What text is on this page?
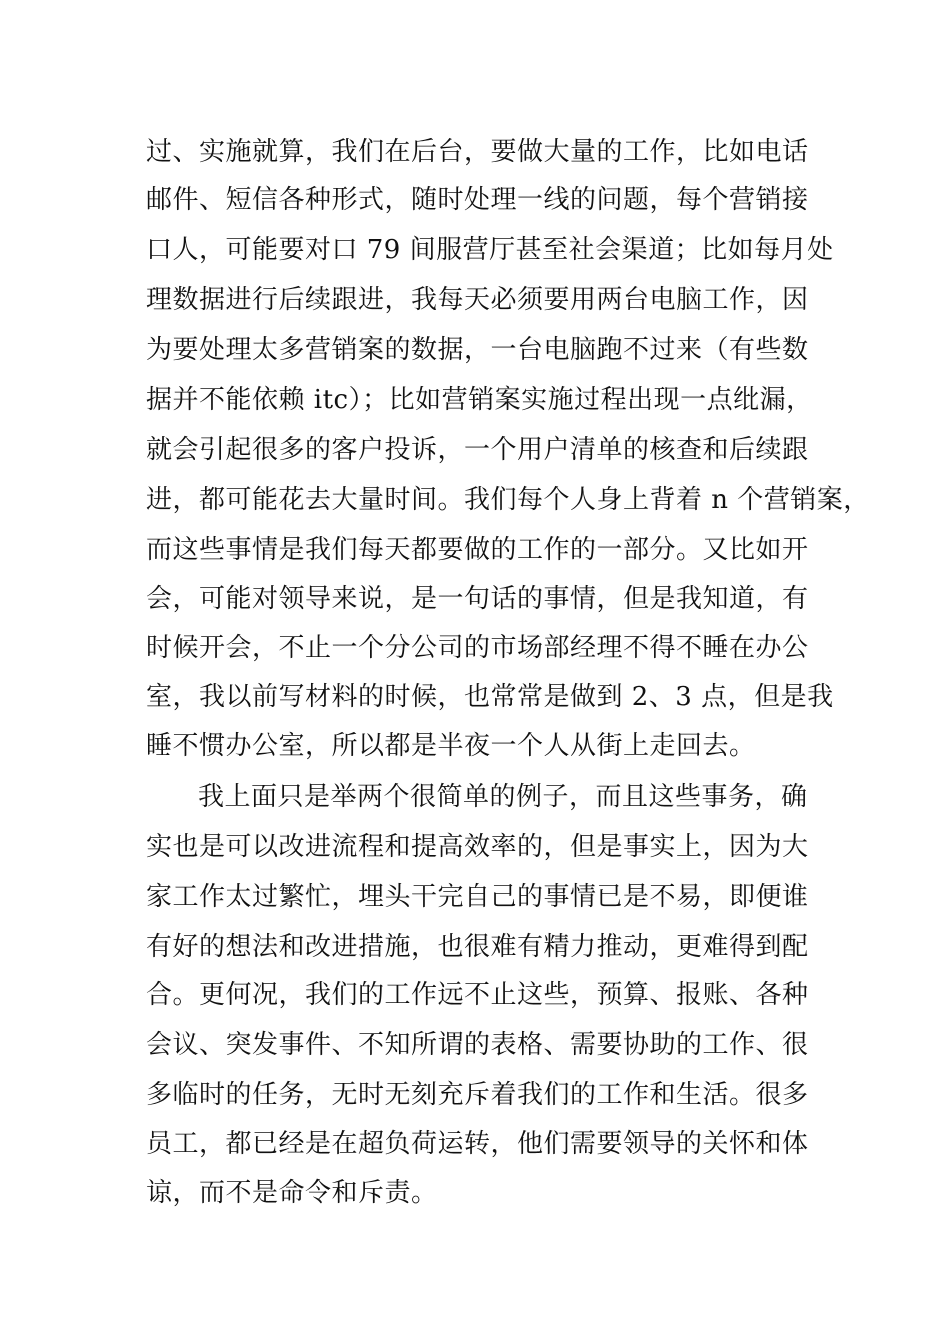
过、实施就算，我们在后台，要做大量的工作，比如电话
邮件、短信各种形式，随时处理一线的问题，每个营销接
口人，可能要对口 79 间服营厅甚至社会渠道；比如每月处
理数据进行后续跟进，我每天必须要用两台电脑工作，因
为要处理太多营销案的数据，一台电脑跑不过来（有些数
据并不能依赖 itc）；比如营销案实施过程出现一点纰漏，
就会引起很多的客户投诉，一个用户清单的核查和后续跟
进，都可能花去大量时间。我们每个人身上背着 n 个营销案，
而这些事情是我们每天都要做的工作的一部分。又比如开
会，可能对领导来说，是一句话的事情，但是我知道，有
时候开会，不止一个分公司的市场部经理不得不睡在办公
室，我以前写材料的时候，也常常是做到 2、3 点，但是我
睡不惯办公室，所以都是半夜一个人从街上走回去。
我上面只是举两个很简单的例子，而且这些事务，确
实也是可以改进流程和提高效率的，但是事实上，因为大
家工作太过繁忙，埋头干完自己的事情已是不易，即便谁
有好的想法和改进措施，也很难有精力推动，更难得到配
合。更何况，我们的工作远不止这些，预算、报账、各种
会议、突发事件、不知所谓的表格、需要协助的工作、很
多临时的任务，无时无刻充斥着我们的工作和生活。很多
员工，都已经是在超负荷运转，他们需要领导的关怀和体
谅，而不是命令和斥责。
